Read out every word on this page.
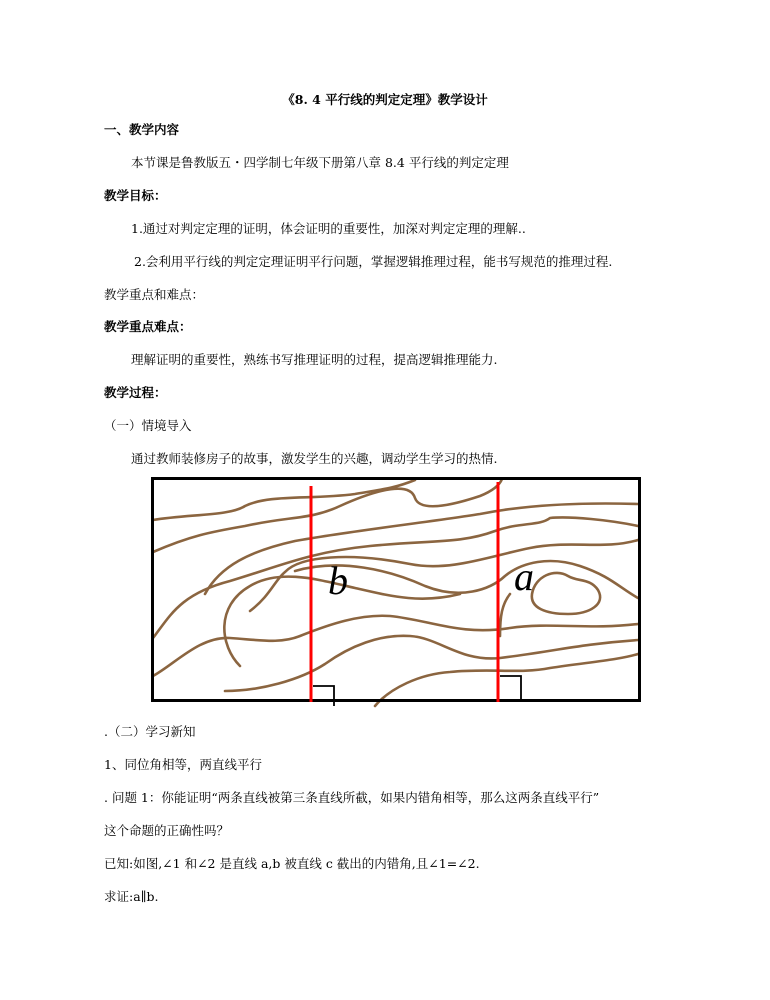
《8. 4 平行线的判定定理》教学设计
一、教学内容
本节课是鲁教版五・四学制七年级下册第八章 8.4 平行线的判定定理
教学目标：
1.通过对判定定理的证明，体会证明的重要性，加深对判定定理的理解..
2.会利用平行线的判定定理证明平行问题，掌握逻辑推理过程，能书写规范的推理过程.
教学重点和难点：
教学重点难点：
理解证明的重要性，熟练书写推理证明的过程，提高逻辑推理能力.
教学过程：
（一）情境导入
通过教师装修房子的故事，激发学生的兴趣，调动学生学习的热情.
b	a
.（二）学习新知
1、同位角相等，两直线平行
. 问题 1：你能证明“两条直线被第三条直线所截，如果内错角相等，那么这两条直线平行”
这个命题的正确性吗？
已知:如图,∠1 和∠2 是直线 a,b 被直线 c 截出的内错角,且∠1=∠2.
求证:a∥b.
